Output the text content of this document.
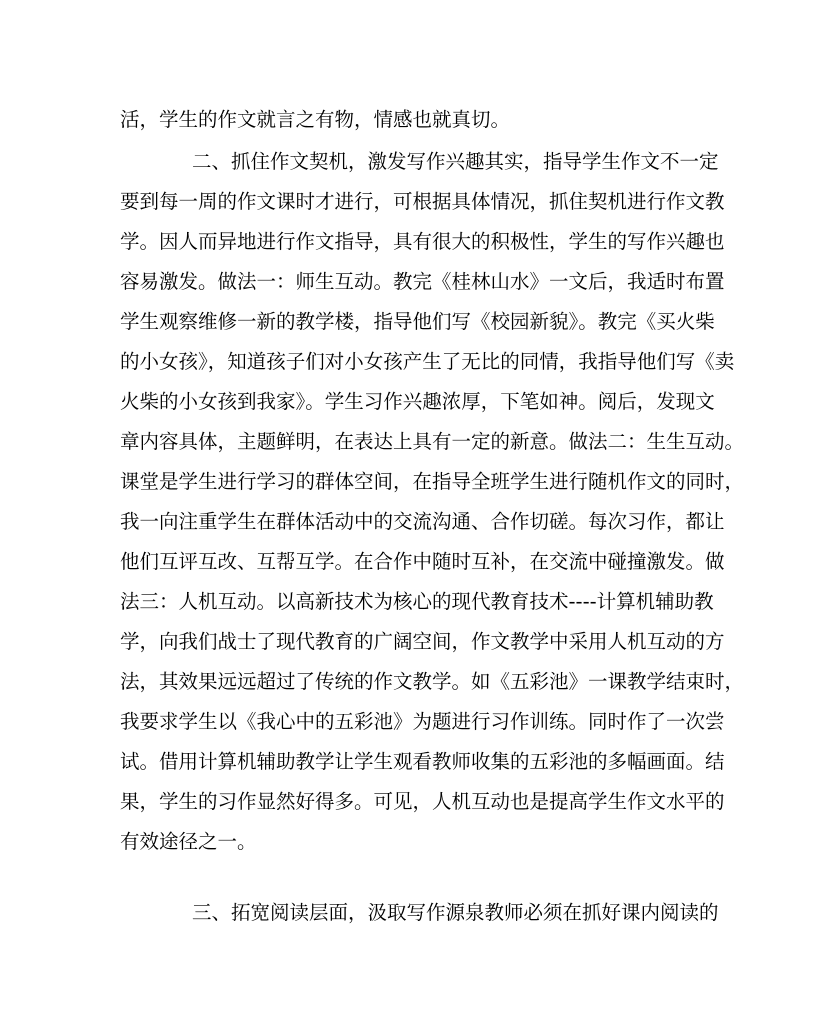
活，学生的作文就言之有物，情感也就真切。
二、抓住作文契机，激发写作兴趣其实，指导学生作文不一定
要到每一周的作文课时才进行，可根据具体情况，抓住契机进行作文教
学。因人而异地进行作文指导，具有很大的积极性，学生的写作兴趣也
容易激发。做法一：师生互动。教完《桂林山水》一文后，我适时布置
学生观察维修一新的教学楼，指导他们写《校园新貌》。教完《买火柴
的小女孩》，知道孩子们对小女孩产生了无比的同情，我指导他们写《卖
火柴的小女孩到我家》。学生习作兴趣浓厚，下笔如神。阅后，发现文
章内容具体，主题鲜明，在表达上具有一定的新意。做法二：生生互动。
课堂是学生进行学习的群体空间，在指导全班学生进行随机作文的同时，
我一向注重学生在群体活动中的交流沟通、合作切磋。每次习作，都让
他们互评互改、互帮互学。在合作中随时互补，在交流中碰撞激发。做
法三：人机互动。以高新技术为核心的现代教育技术----计算机辅助教
学，向我们战士了现代教育的广阔空间，作文教学中采用人机互动的方
法，其效果远远超过了传统的作文教学。如《五彩池》一课教学结束时，
我要求学生以《我心中的五彩池》为题进行习作训练。同时作了一次尝
试。借用计算机辅助教学让学生观看教师收集的五彩池的多幅画面。结
果，学生的习作显然好得多。可见，人机互动也是提高学生作文水平的
有效途径之一。
三、拓宽阅读层面，汲取写作源泉教师必须在抓好课内阅读的
